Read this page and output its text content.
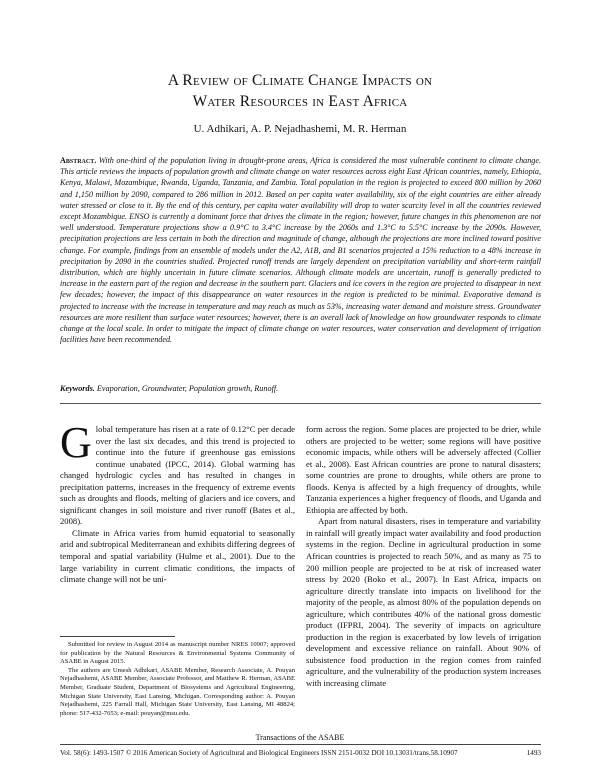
A Review of Climate Change Impacts on
Water Resources in East Africa
U. Adhikari, A. P. Nejadhashemi, M. R. Herman
Abstract. With one-third of the population living in drought-prone areas, Africa is considered the most vulnerable continent to climate change. This article reviews the impacts of population growth and climate change on water resources across eight East African countries, namely, Ethiopia, Kenya, Malawi, Mozambique, Rwanda, Uganda, Tanzania, and Zambia. Total population in the region is projected to exceed 800 million by 2060 and 1,150 million by 2090, compared to 286 million in 2012. Based on per capita water availability, six of the eight countries are either already water stressed or close to it. By the end of this century, per capita water availability will drop to water scarcity level in all the countries reviewed except Mozambique. ENSO is currently a dominant force that drives the climate in the region; however, future changes in this phenomenon are not well understood. Temperature projections show a 0.9°C to 3.4°C increase by the 2060s and 1.3°C to 5.5°C increase by the 2090s. However, precipitation projections are less certain in both the direction and magnitude of change, although the projections are more inclined toward positive change. For example, findings from an ensemble of models under the A2, A1B, and B1 scenarios projected a 15% reduction to a 48% increase in precipitation by 2090 in the countries studied. Projected runoff trends are largely dependent on precipitation variability and short-term rainfall distribution, which are highly uncertain in future climate scenarios. Although climate models are uncertain, runoff is generally predicted to increase in the eastern part of the region and decrease in the southern part. Glaciers and ice covers in the region are projected to disappear in next few decades; however, the impact of this disappearance on water resources in the region is predicted to be minimal. Evaporative demand is projected to increase with the increase in temperature and may reach as much as 53%, increasing water demand and moisture stress. Groundwater resources are more resilient than surface water resources; however, there is an overall lack of knowledge on how groundwater responds to climate change at the local scale. In order to mitigate the impact of climate change on water resources, water conservation and development of irrigation facilities have been recommended.
Keywords. Evaporation, Groundwater, Population growth, Runoff.

Global temperature has risen at a rate of 0.12°C per decade over the last six decades, and this trend is projected to continue into the future if greenhouse gas emissions continue unabated (IPCC, 2014). Global warming has changed hydrologic cycles and has resulted in changes in precipitation patterns, increases in the frequency of extreme events such as droughts and floods, melting of glaciers and ice covers, and significant changes in soil moisture and river runoff (Bates et al., 2008).

Climate in Africa varies from humid equatorial to seasonally arid and subtropical Mediterranean and exhibits differing degrees of temporal and spatial variability (Hulme et al., 2001). Due to the large variability in current climatic conditions, the impacts of climate change will not be uni-

form across the region. Some places are projected to be drier, while others are projected to be wetter; some regions will have positive economic impacts, while others will be adversely affected (Collier et al., 2008). East African countries are prone to natural disasters; some countries are prone to droughts, while others are prone to floods. Kenya is affected by a high frequency of droughts, while Tanzania experiences a higher frequency of floods, and Uganda and Ethiopia are affected by both.

Apart from natural disasters, rises in temperature and variability in rainfall will greatly impact water availability and food production systems in the region. Decline in agricultural production in some African countries is projected to reach 50%, and as many as 75 to 200 million people are projected to be at risk of increased water stress by 2020 (Boko et al., 2007). In East Africa, impacts on agriculture directly translate into impacts on livelihood for the majority of the people, as almost 80% of the population depends on agriculture, which contributes 40% of the national gross domestic product (IFPRI, 2004). The severity of impacts on agriculture production in the region is exacerbated by low levels of irrigation development and excessive reliance on rainfall. About 90% of subsistence food production in the region comes from rainfed agriculture, and the vulnerability of the production system increases with increasing climate

Submitted for review in August 2014 as manuscript number NRES 10907; approved for publication by the Natural Resources & Environmental Systems Community of ASABE in August 2015.

The authors are Umesh Adhikari, ASABE Member, Research Associate, A. Pouyan Nejadhashemi, ASABE Member, Associate Professor, and Matthew R. Herman, ASABE Member, Graduate Student, Department of Biosystems and Agricultural Engineering, Michigan State University, East Lansing, Michigan. Corresponding author: A. Pouyan Nejadhashemi, 225 Farrall Hall, Michigan State University, East Lansing, MI 48824; phone: 517-432-7653; e-mail: pouyan@msu.edu.

Transactions of the ASABE
Vol. 58(6): 1493-1507 © 2016 American Society of Agricultural and Biological Engineers ISSN 2151-0032 DOI 10.13031/trans.58.10907	1493
